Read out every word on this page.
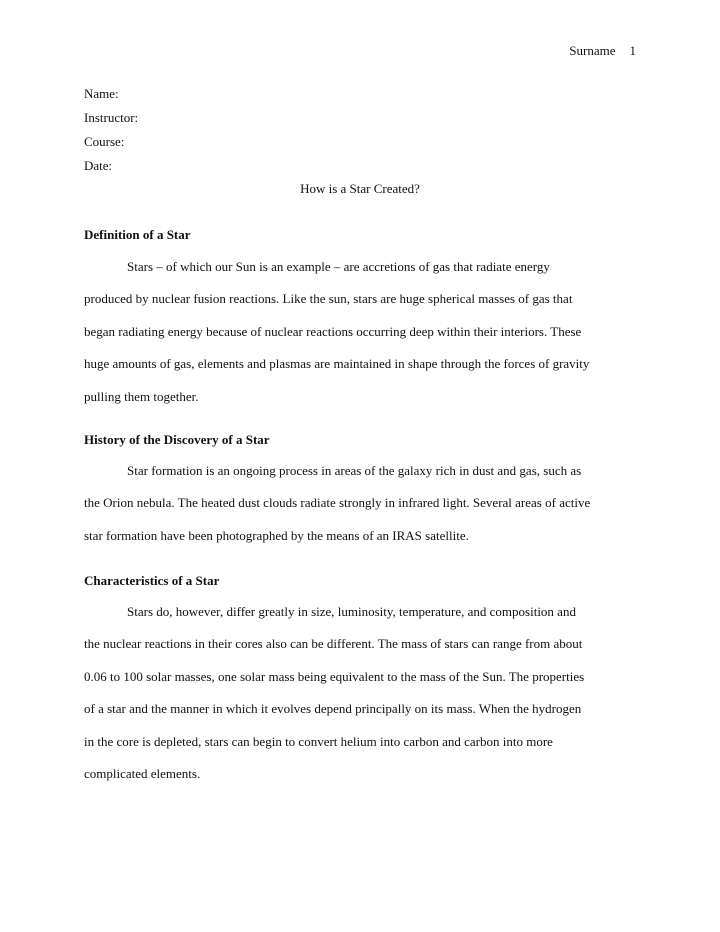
Surname 1
Name:
Instructor:
Course:
Date:
How is a Star Created?
Definition of a Star
Stars – of which our Sun is an example – are accretions of gas that radiate energy
produced by nuclear fusion reactions. Like the sun, stars are huge spherical masses of gas that
began radiating energy because of nuclear reactions occurring deep within their interiors. These
huge amounts of gas, elements and plasmas are maintained in shape through the forces of gravity
pulling them together.
History of the Discovery of a Star
Star formation is an ongoing process in areas of the galaxy rich in dust and gas, such as
the Orion nebula. The heated dust clouds radiate strongly in infrared light. Several areas of active
star formation have been photographed by the means of an IRAS satellite.
Characteristics of a Star
Stars do, however, differ greatly in size, luminosity, temperature, and composition and
the nuclear reactions in their cores also can be different. The mass of stars can range from about
0.06 to 100 solar masses, one solar mass being equivalent to the mass of the Sun. The properties
of a star and the manner in which it evolves depend principally on its mass. When the hydrogen
in the core is depleted, stars can begin to convert helium into carbon and carbon into more
complicated elements.
